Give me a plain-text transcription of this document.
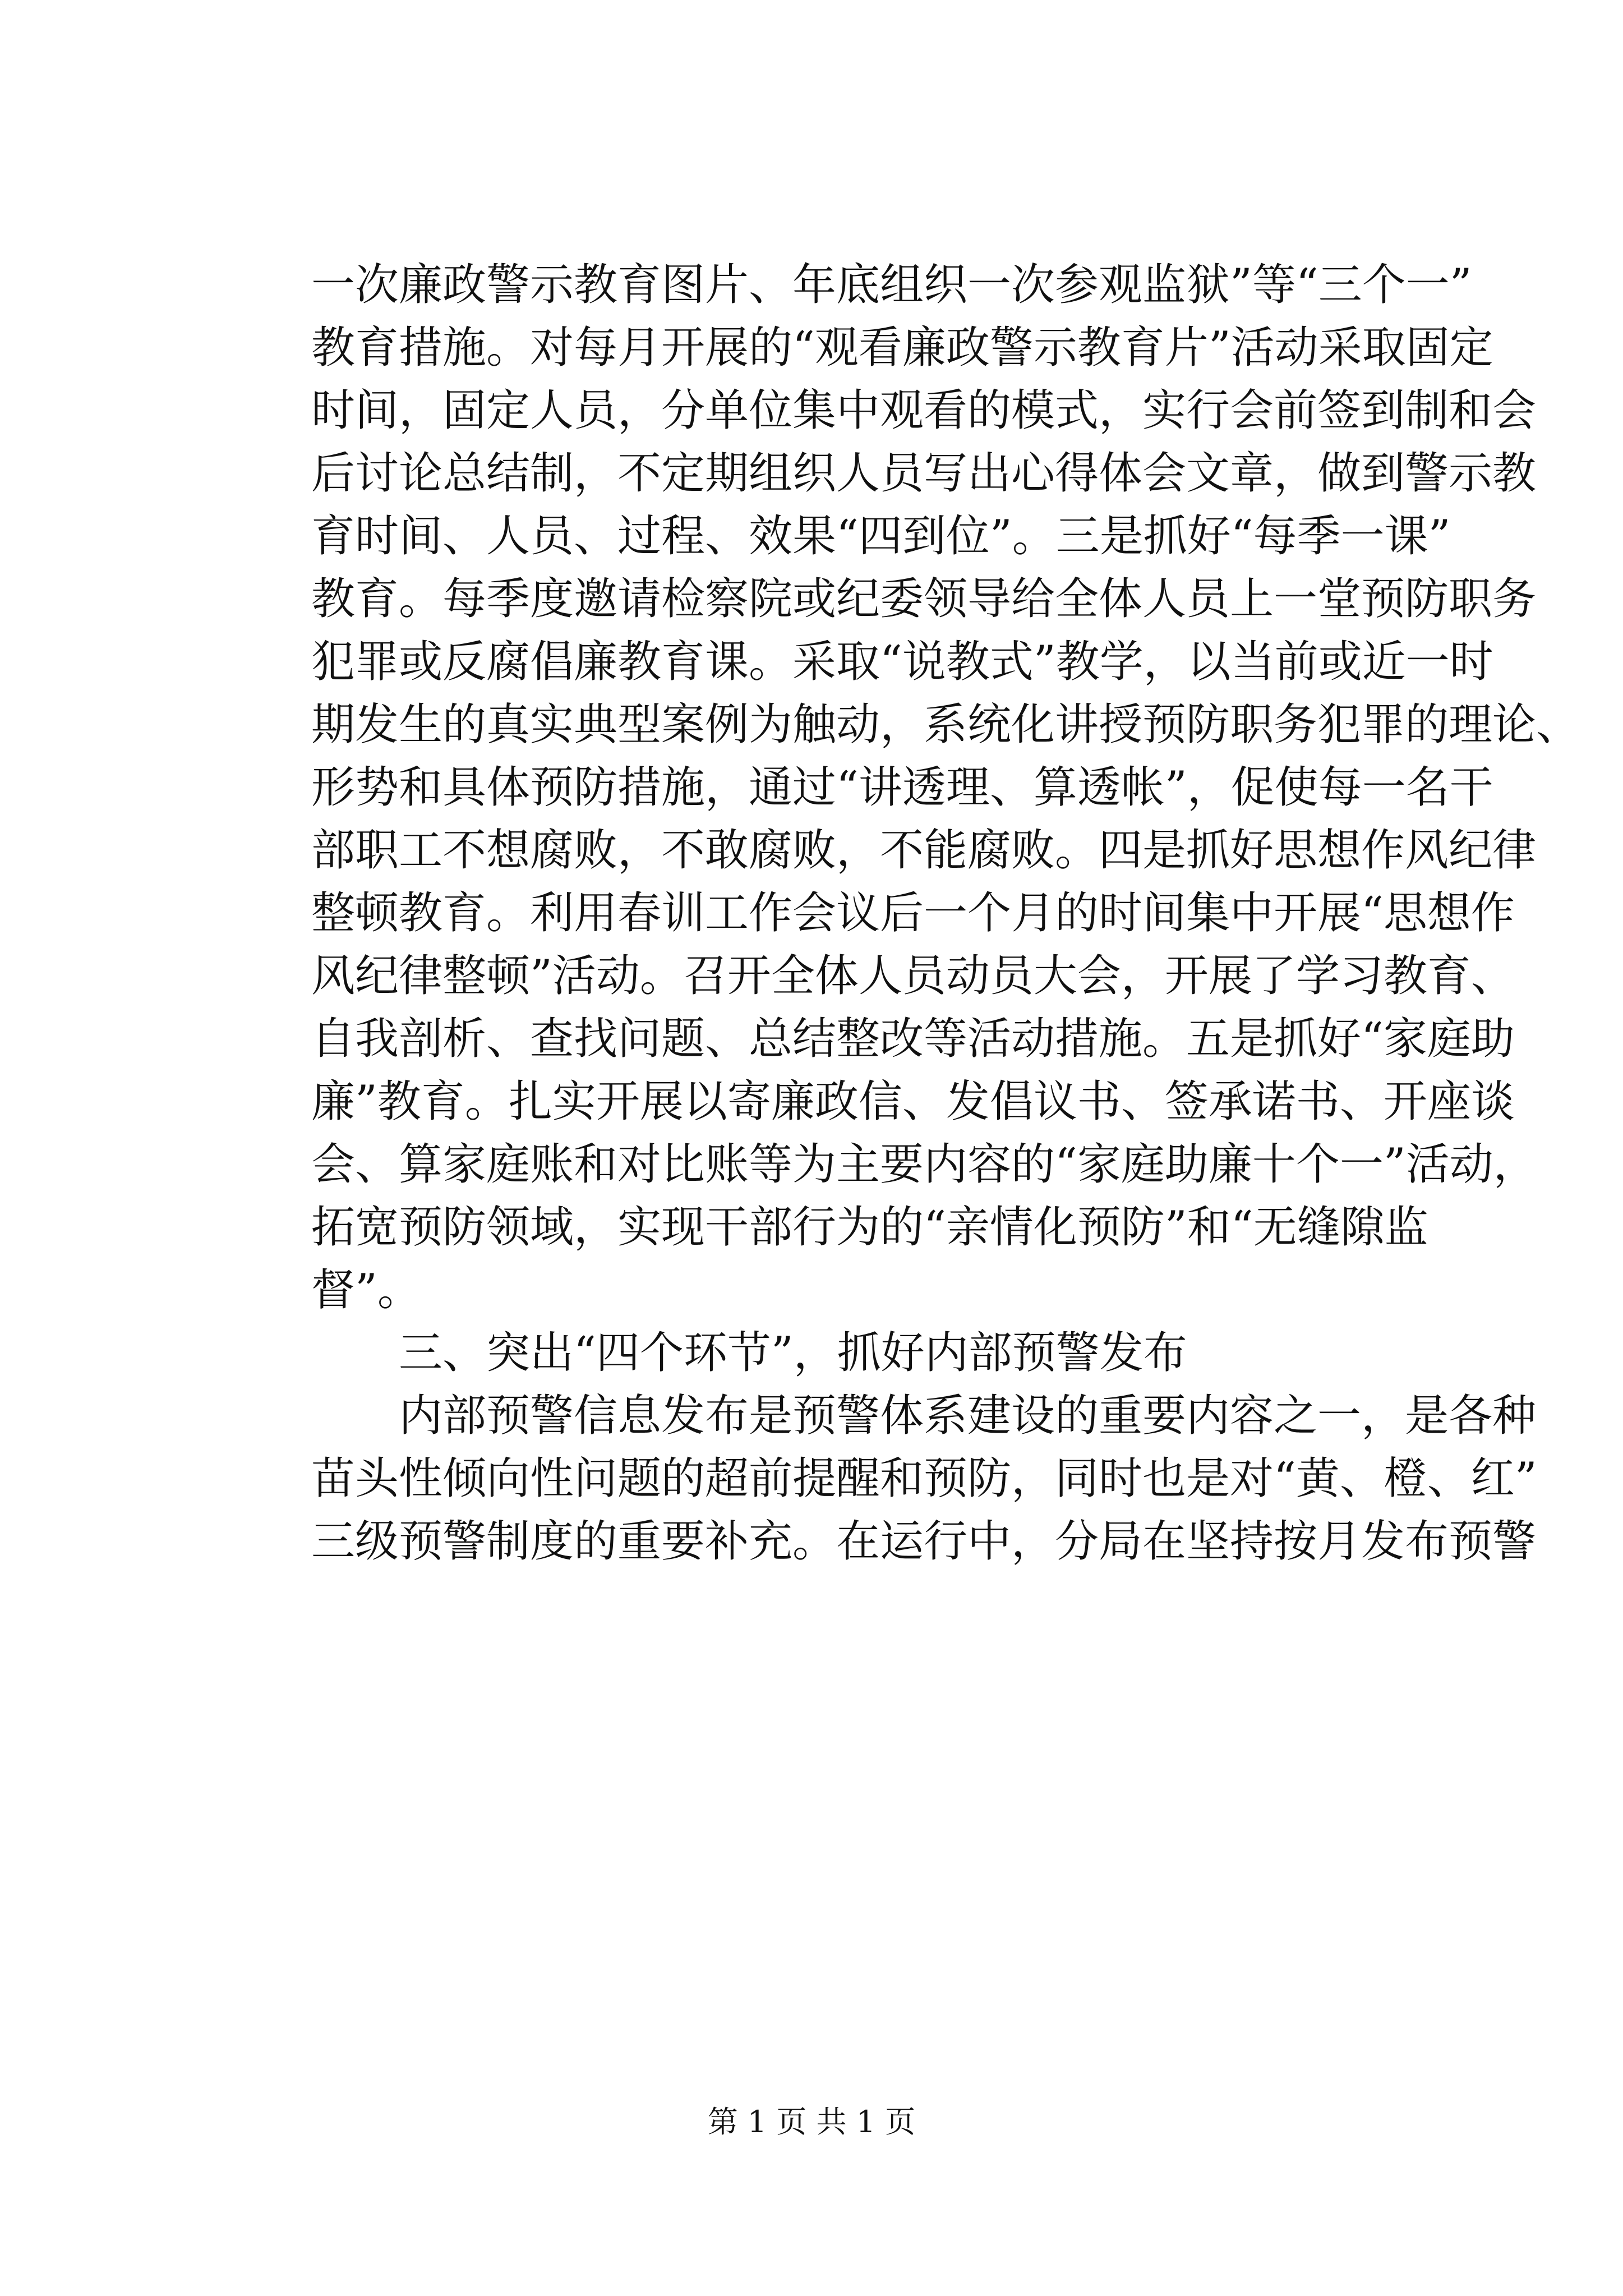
一次廉政警示教育图片、年底组织一次参观监狱”等“三个一”
教育措施。对每月开展的“观看廉政警示教育片”活动采取固定
时间，固定人员，分单位集中观看的模式，实行会前签到制和会
后讨论总结制，不定期组织人员写出心得体会文章，做到警示教
育时间、人员、过程、效果“四到位”。三是抓好“每季一课”
教育。每季度邀请检察院或纪委领导给全体人员上一堂预防职务
犯罪或反腐倡廉教育课。采取“说教式”教学，以当前或近一时
期发生的真实典型案例为触动，系统化讲授预防职务犯罪的理论、
形势和具体预防措施，通过“讲透理、算透帐”，促使每一名干
部职工不想腐败，不敢腐败，不能腐败。四是抓好思想作风纪律
整顿教育。利用春训工作会议后一个月的时间集中开展“思想作
风纪律整顿”活动。召开全体人员动员大会，开展了学习教育、
自我剖析、查找问题、总结整改等活动措施。五是抓好“家庭助
廉”教育。扎实开展以寄廉政信、发倡议书、签承诺书、开座谈
会、算家庭账和对比账等为主要内容的“家庭助廉十个一”活动，
拓宽预防领域，实现干部行为的“亲情化预防”和“无缝隙监
督”。
　　三、突出“四个环节”，抓好内部预警发布
　　内部预警信息发布是预警体系建设的重要内容之一，是各种
苗头性倾向性问题的超前提醒和预防，同时也是对“黄、橙、红”
三级预警制度的重要补充。在运行中，分局在坚持按月发布预警
第 1 页 共 1 页
